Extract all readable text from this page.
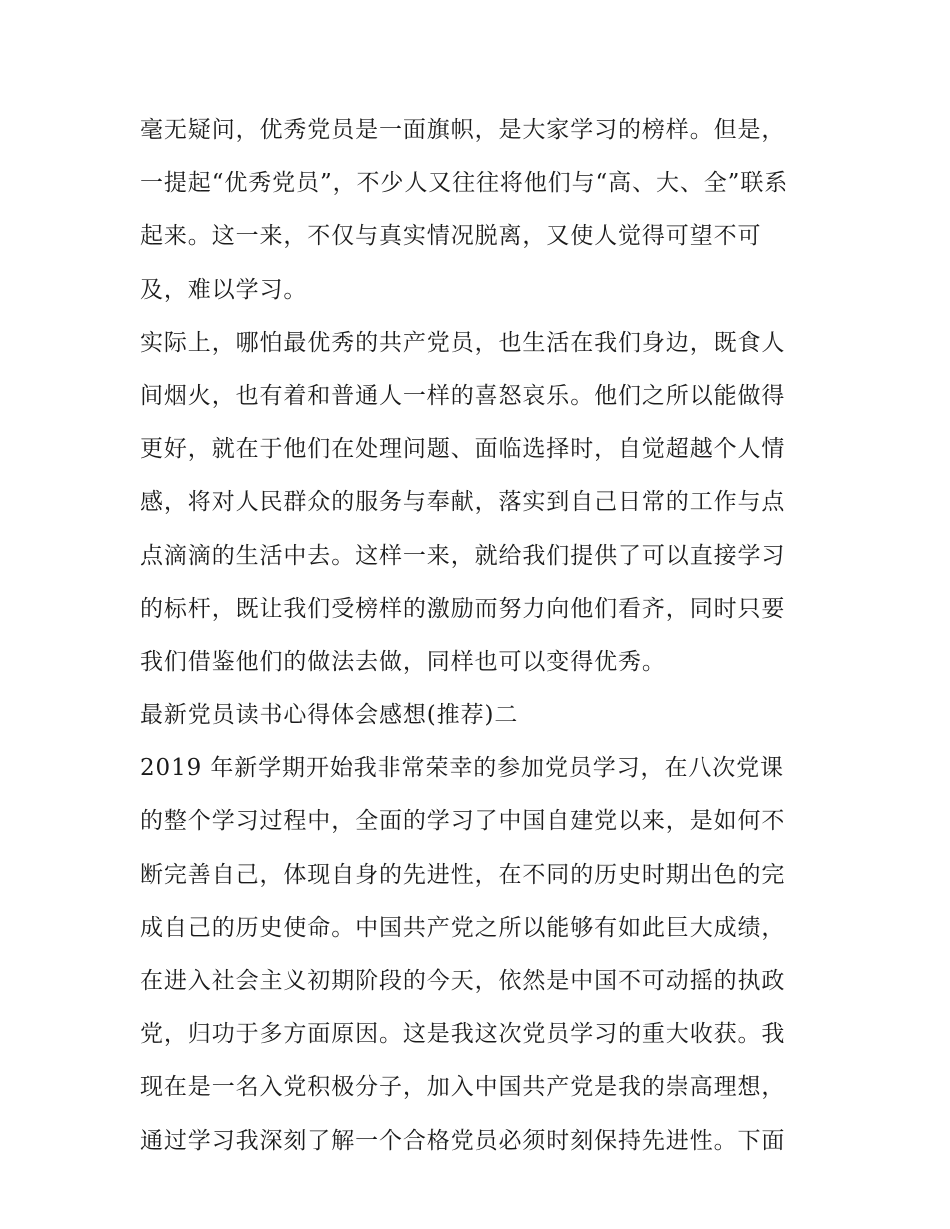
毫无疑问，优秀党员是一面旗帜，是大家学习的榜样。但是，
一提起“优秀党员”，不少人又往往将他们与“高、大、全”联系
起来。这一来，不仅与真实情况脱离，又使人觉得可望不可
及，难以学习。
实际上，哪怕最优秀的共产党员，也生活在我们身边，既食人
间烟火，也有着和普通人一样的喜怒哀乐。他们之所以能做得
更好，就在于他们在处理问题、面临选择时，自觉超越个人情
感，将对人民群众的服务与奉献，落实到自己日常的工作与点
点滴滴的生活中去。这样一来，就给我们提供了可以直接学习
的标杆，既让我们受榜样的激励而努力向他们看齐，同时只要
我们借鉴他们的做法去做，同样也可以变得优秀。
最新党员读书心得体会感想(推荐)二
2019 年新学期开始我非常荣幸的参加党员学习，在八次党课
的整个学习过程中，全面的学习了中国自建党以来，是如何不
断完善自己，体现自身的先进性，在不同的历史时期出色的完
成自己的历史使命。中国共产党之所以能够有如此巨大成绩，
在进入社会主义初期阶段的今天，依然是中国不可动摇的执政
党，归功于多方面原因。这是我这次党员学习的重大收获。我
现在是一名入党积极分子，加入中国共产党是我的崇高理想，
通过学习我深刻了解一个合格党员必须时刻保持先进性。下面
